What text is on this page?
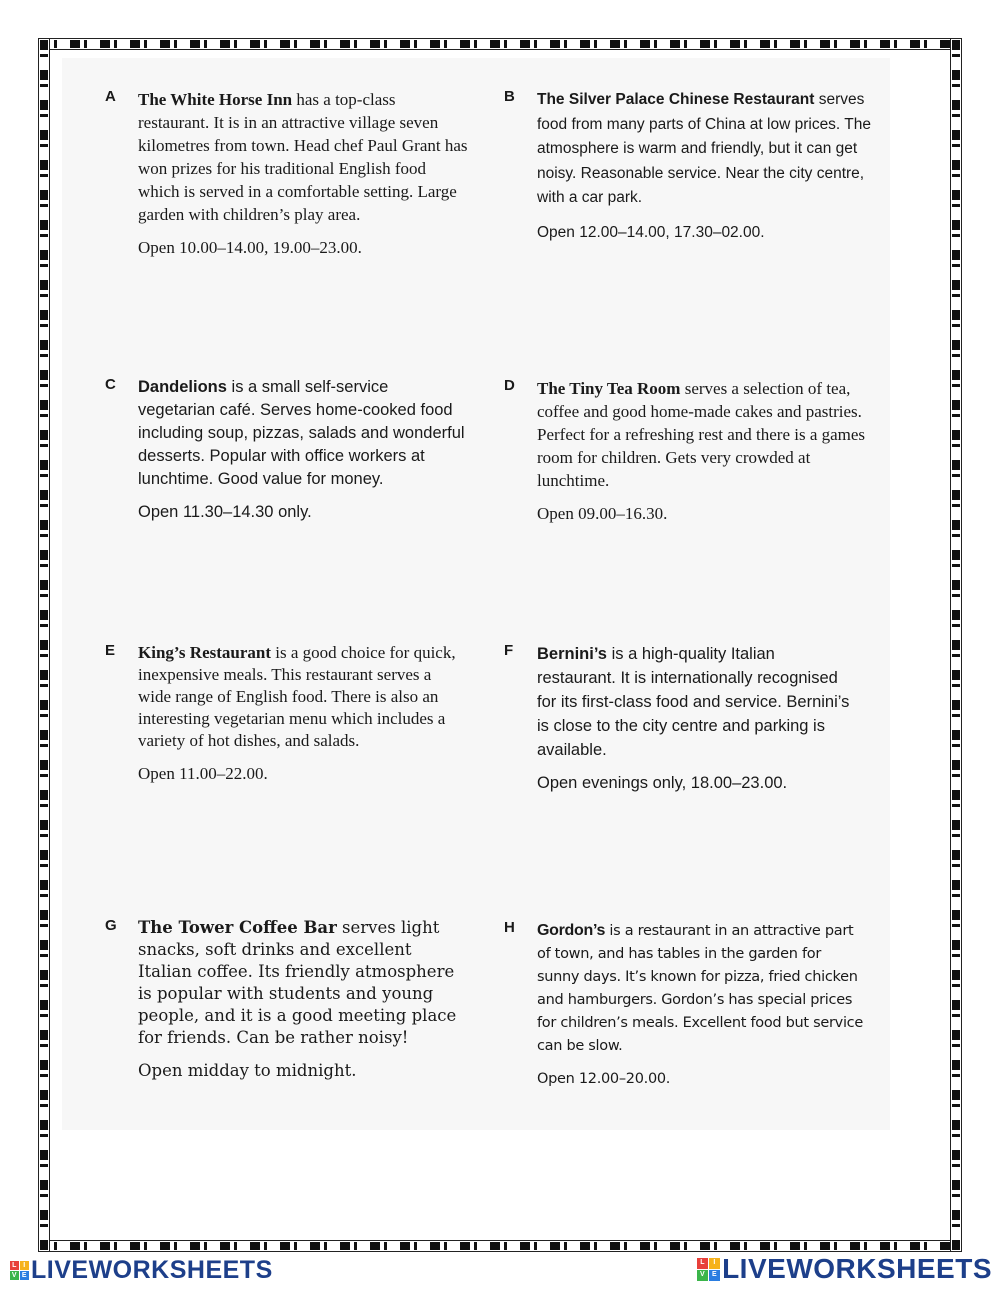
A The White Horse Inn has a top-class restaurant. It is in an attractive village seven kilometres from town. Head chef Paul Grant has won prizes for his traditional English food which is served in a comfortable setting. Large garden with children’s play area.

Open 10.00–14.00, 19.00–23.00.

B The Silver Palace Chinese Restaurant serves food from many parts of China at low prices. The atmosphere is warm and friendly, but it can get noisy. Reasonable service. Near the city centre, with a car park.

Open 12.00–14.00, 17.30–02.00.

C Dandelions is a small self-service vegetarian café. Serves home-cooked food including soup, pizzas, salads and wonderful desserts. Popular with office workers at lunchtime. Good value for money.

Open 11.30–14.30 only.

D The Tiny Tea Room serves a selection of tea, coffee and good home-made cakes and pastries. Perfect for a refreshing rest and there is a games room for children. Gets very crowded at lunchtime.

Open 09.00–16.30.

E King’s Restaurant is a good choice for quick, inexpensive meals. This restaurant serves a wide range of English food. There is also an interesting vegetarian menu which includes a variety of hot dishes, and salads.

Open 11.00–22.00.

F Bernini’s is a high-quality Italian restaurant. It is internationally recognised for its first-class food and service. Bernini’s is close to the city centre and parking is available.

Open evenings only, 18.00–23.00.

G The Tower Coffee Bar serves light snacks, soft drinks and excellent Italian coffee. Its friendly atmosphere is popular with students and young people, and it is a good meeting place for friends. Can be rather noisy!

Open midday to midnight.

H Gordon’s is a restaurant in an attractive part of town, and has tables in the garden for sunny days. It’s known for pizza, fried chicken and hamburgers. Gordon’s has special prices for children’s meals. Excellent food but service can be slow.

Open 12.00–20.00.

L I
V E LIVEWORKSHEETS	L	I
V E LIVEWORKSHEETS
